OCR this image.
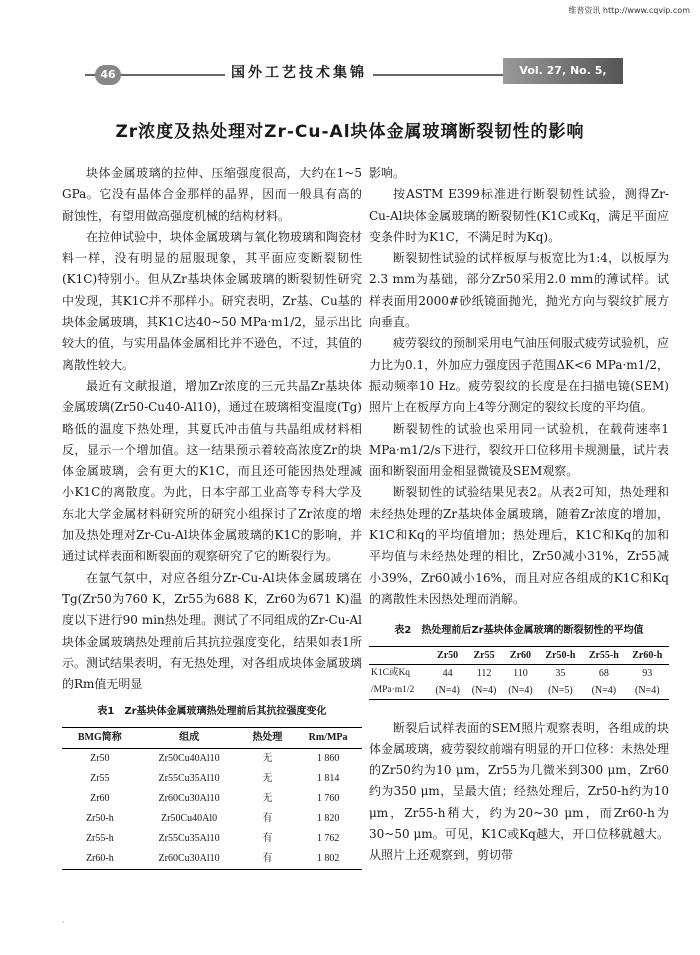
维普资讯 http://www.cqvip.com
46	国外工艺技术集锦	Vol. 27, No. 5, 2008
Zr浓度及热处理对Zr-Cu-Al块体金属玻璃断裂韧性的影响

块体金属玻璃的拉伸、压缩强度很高，大约在1~5 GPa。它没有晶体合金那样的晶界，因而一般具有高的耐蚀性，有望用做高强度机械的结构材料。

在拉伸试验中，块体金属玻璃与氧化物玻璃和陶瓷材料一样，没有明显的屈服现象，其平面应变断裂韧性(K1C)特别小。但从Zr基块体金属玻璃的断裂韧性研究中发现，其K1C并不那样小。研究表明，Zr基、Cu基的块体金属玻璃，其K1C达40~50 MPa·m1/2，显示出比较大的值，与实用晶体金属相比并不逊色，不过，其值的离散性较大。

最近有文献报道，增加Zr浓度的三元共晶Zr基块体金属玻璃(Zr50-Cu40-Al10)，通过在玻璃相变温度(Tg)略低的温度下热处理，其夏氏冲击值与共晶组成材料相反，显示一个增加值。这一结果预示着较高浓度Zr的块体金属玻璃，会有更大的K1C，而且还可能因热处理减小K1C的离散度。为此，日本宇部工业高等专科大学及东北大学金属材料研究所的研究小组探讨了Zr浓度的增加及热处理对Zr-Cu-Al块体金属玻璃的K1C的影响，并通过试样表面和断裂面的观察研究了它的断裂行为。

在氩气氛中，对应各组分Zr-Cu-Al块体金属玻璃在Tg(Zr50为760 K，Zr55为688 K，Zr60为671 K)温度以下进行90 min热处理。测试了不同组成的Zr-Cu-Al块体金属玻璃热处理前后其抗拉强度变化，结果如表1所示。测试结果表明，有无热处理，对各组成块体金属玻璃的Rm值无明显

表1　Zr基块体金属玻璃热处理前后其抗拉强度变化
BMG简称	组成	热处理	Rm/MPa
Zr50	Zr50Cu40Al10	无	1 860
Zr55	Zr55Cu35Al10	无	1 814
Zr60	Zr60Cu30Al10	无	1 760
Zr50-h	Zr50Cu40Al0	有	1 820
Zr55-h	Zr55Cu35Al10	有	1 762
Zr60-h	Zr60Cu30Al10	有	1 802

影响。

按ASTM E399标准进行断裂韧性试验，测得Zr-Cu-Al块体金属玻璃的断裂韧性(K1C或Kq，满足平面应变条件时为K1C，不满足时为Kq)。

断裂韧性试验的试样板厚与板宽比为1:4，以板厚为2.3 mm为基础，部分Zr50采用2.0 mm的薄试样。试样表面用2000#砂纸镜面抛光，抛光方向与裂纹扩展方向垂直。

疲劳裂纹的预制采用电气油压伺服式疲劳试验机，应力比为0.1，外加应力强度因子范围ΔK<6 MPa·m1/2，振动频率10 Hz。疲劳裂纹的长度是在扫描电镜(SEM)照片上在板厚方向上4等分测定的裂纹长度的平均值。

断裂韧性的试验也采用同一试验机，在载荷速率1 MPa·m1/2/s下进行，裂纹开口位移用卡规测量，试片表面和断裂面用金相显微镜及SEM观察。

断裂韧性的试验结果见表2。从表2可知，热处理和未经热处理的Zr基块体金属玻璃，随着Zr浓度的增加，K1C和Kq的平均值增加；热处理后，K1C和Kq的加和平均值与未经热处理的相比，Zr50减小31%，Zr55减小39%，Zr60减小16%，而且对应各组成的K1C和Kq的离散性未因热处理而消解。

表2　热处理前后Zr基块体金属玻璃的断裂韧性的平均值
	Zr50	Zr55	Zr60	Zr50-h	Zr55-h	Zr60-h
K1C或Kq	44	112	110	35	68	93
/MPa·m1/2	(N=4)	(N=4)	(N=4)	(N=5)	(N=4)	(N=4)

断裂后试样表面的SEM照片观察表明，各组成的块体金属玻璃，疲劳裂纹前端有明显的开口位移：未热处理的Zr50约为10 μm，Zr55为几微米到300 μm，Zr60约为350 μm，呈最大值；经热处理后，Zr50-h约为10 μm，Zr55-h稍大，约为20~30 μm，而Zr60-h为30~50 μm。可见，K1C或Kq越大，开口位移就越大。从照片上还观察到，剪切带

·
